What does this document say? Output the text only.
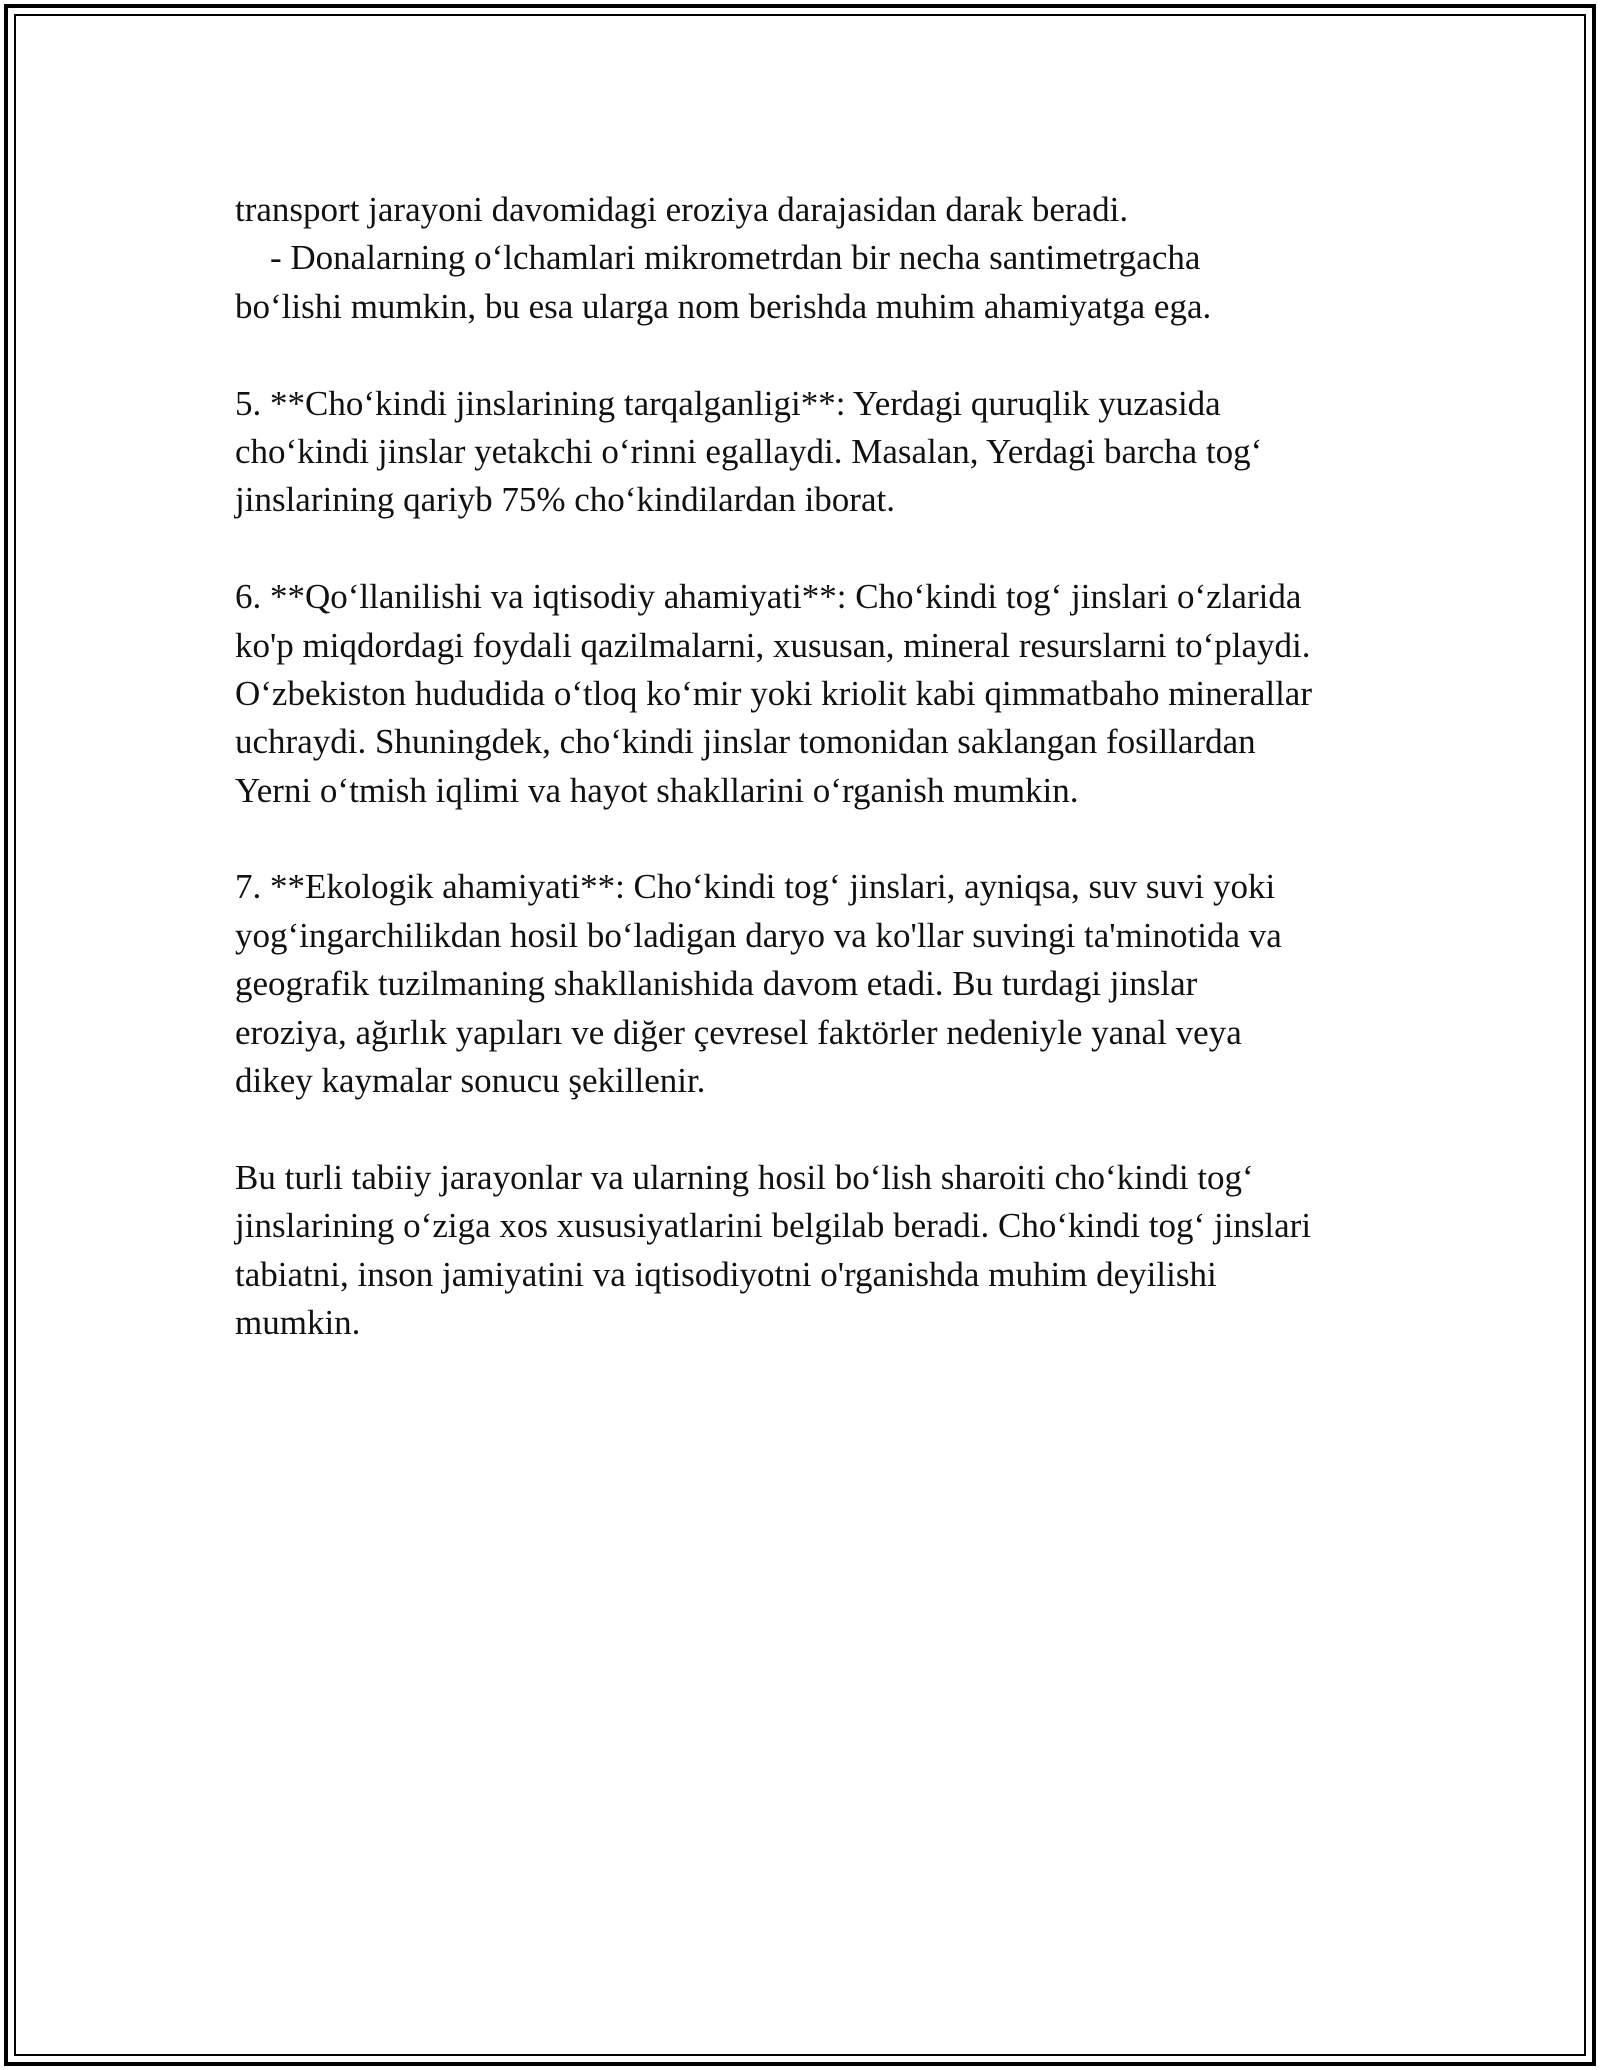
transport jarayoni davomidagi eroziya darajasidan darak beradi.
- Donalarning o‘lchamlari mikrometrdan bir necha santimetrgacha
bo‘lishi mumkin, bu esa ularga nom berishda muhim ahamiyatga ega.
5. **Cho‘kindi jinslarining tarqalganligi**: Yerdagi quruqlik yuzasida
cho‘kindi jinslar yetakchi o‘rinni egallaydi. Masalan, Yerdagi barcha tog‘
jinslarining qariyb 75% cho‘kindilardan iborat.
6. **Qo‘llanilishi va iqtisodiy ahamiyati**: Cho‘kindi tog‘ jinslari o‘zlarida
ko'p miqdordagi foydali qazilmalarni, xususan, mineral resurslarni to‘playdi.
O‘zbekiston hududida o‘tloq ko‘mir yoki kriolit kabi qimmatbaho minerallar
uchraydi. Shuningdek, cho‘kindi jinslar tomonidan saklangan fosillardan
Yerni o‘tmish iqlimi va hayot shakllarini o‘rganish mumkin.
7. **Ekologik ahamiyati**: Cho‘kindi tog‘ jinslari, ayniqsa, suv suvi yoki
yog‘ingarchilikdan hosil bo‘ladigan daryo va ko'llar suvingi ta'minotida va
geografik tuzilmaning shakllanishida davom etadi. Bu turdagi jinslar
eroziya, ağırlık yapıları ve diğer çevresel faktörler nedeniyle yanal veya
dikey kaymalar sonucu şekillenir.
Bu turli tabiiy jarayonlar va ularning hosil bo‘lish sharoiti cho‘kindi tog‘
jinslarining o‘ziga xos xususiyatlarini belgilab beradi. Cho‘kindi tog‘ jinslari
tabiatni, inson jamiyatini va iqtisodiyotni o'rganishda muhim deyilishi
mumkin.
